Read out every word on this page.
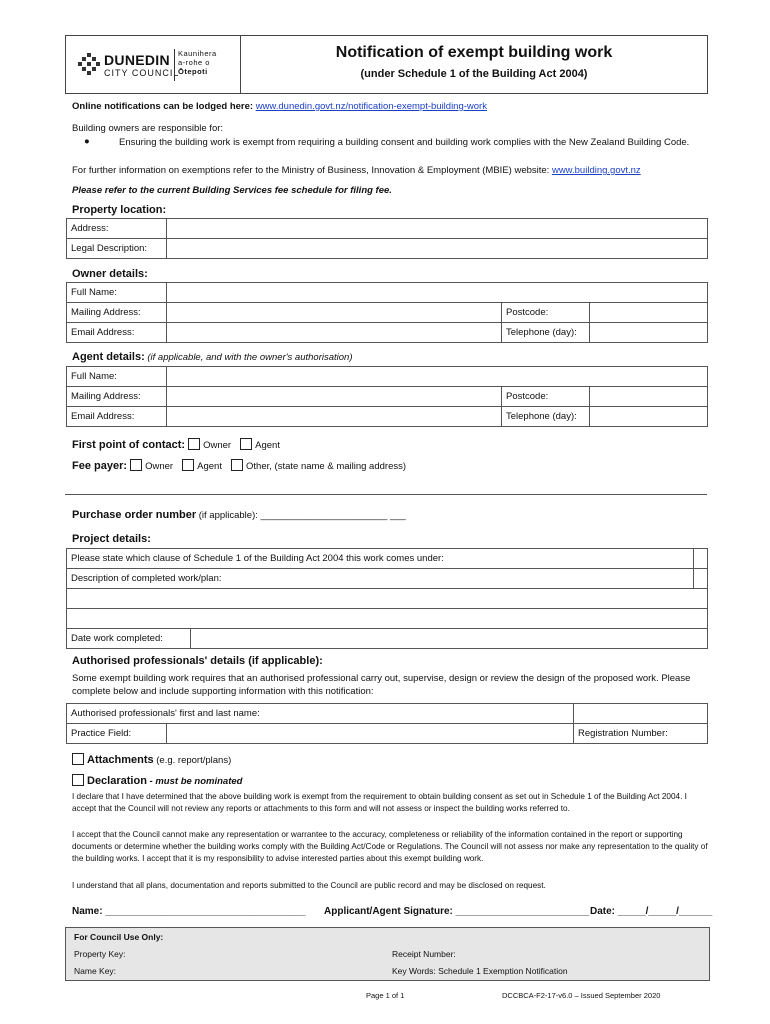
DUNEDIN
CITY COUNCIL
Kaunihera
a-rohe o
Ōtepoti
Notification of exempt building work
(under Schedule 1 of the Building Act 2004)
Online notifications can be lodged here: www.dunedin.govt.nz/notification-exempt-building-work
Building owners are responsible for:
●	Ensuring the building work is exempt from requiring a building consent and building work complies with the New Zealand Building Code.
For further information on exemptions refer to the Ministry of Business, Innovation & Employment (MBIE) website: www.building.govt.nz
Please refer to the current Building Services fee schedule for filing fee.
Property location:
Address:	
Legal Description:	
Owner details:
Full Name:			
Mailing Address:		Postcode:	
Email Address:		Telephone (day):	
Agent details: (if applicable, and with the owner's authorisation)
Full Name:			
Mailing Address:		Postcode:	
Email Address:		Telephone (day):	
First point of contact: Owner	Agent
Fee payer: Owner	Agent	Other, (state name & mailing address)
Purchase order number (if applicable): ________________________ ___
Project details:
Please state which clause of Schedule 1 of the Building Act 2004 this work comes under:		
Description of completed work/plan:		

Date work completed:		
Authorised professionals' details (if applicable):
Some exempt building work requires that an authorised professional carry out, supervise, design or review the design of the proposed work. Please complete below and include supporting information with this notification:
Authorised professionals' first and last name:		
Practice Field:		Registration Number:
Attachments (e.g. report/plans)
Declaration - must be nominated
I declare that I have determined that the above building work is exempt from the requirement to obtain building consent as set out in Schedule 1 of the Building Act 2004. I accept that the Council will not review any reports or attachments to this form and will not assess or inspect the building works referred to.
I accept that the Council cannot make any representation or warrantee to the accuracy, completeness or reliability of the information contained in the report or supporting documents or determine whether the building works comply with the Building Act/Code or Regulations. The Council will not assess nor make any representation to the quality of the building works. I accept that it is my responsibility to advise interested parties about this exempt building work.
I understand that all plans, documentation and reports submitted to the Council are public record and may be disclosed on request.
Name: ____________________________________ Applicant/Agent Signature: ________________________ Date: _____/_____/______
For Council Use Only:
Property Key:	Receipt Number:
Name Key:	Key Words: Schedule 1 Exemption Notification
Page 1 of 1	DCCBCA-F2-17-v6.0 – Issued September 2020
